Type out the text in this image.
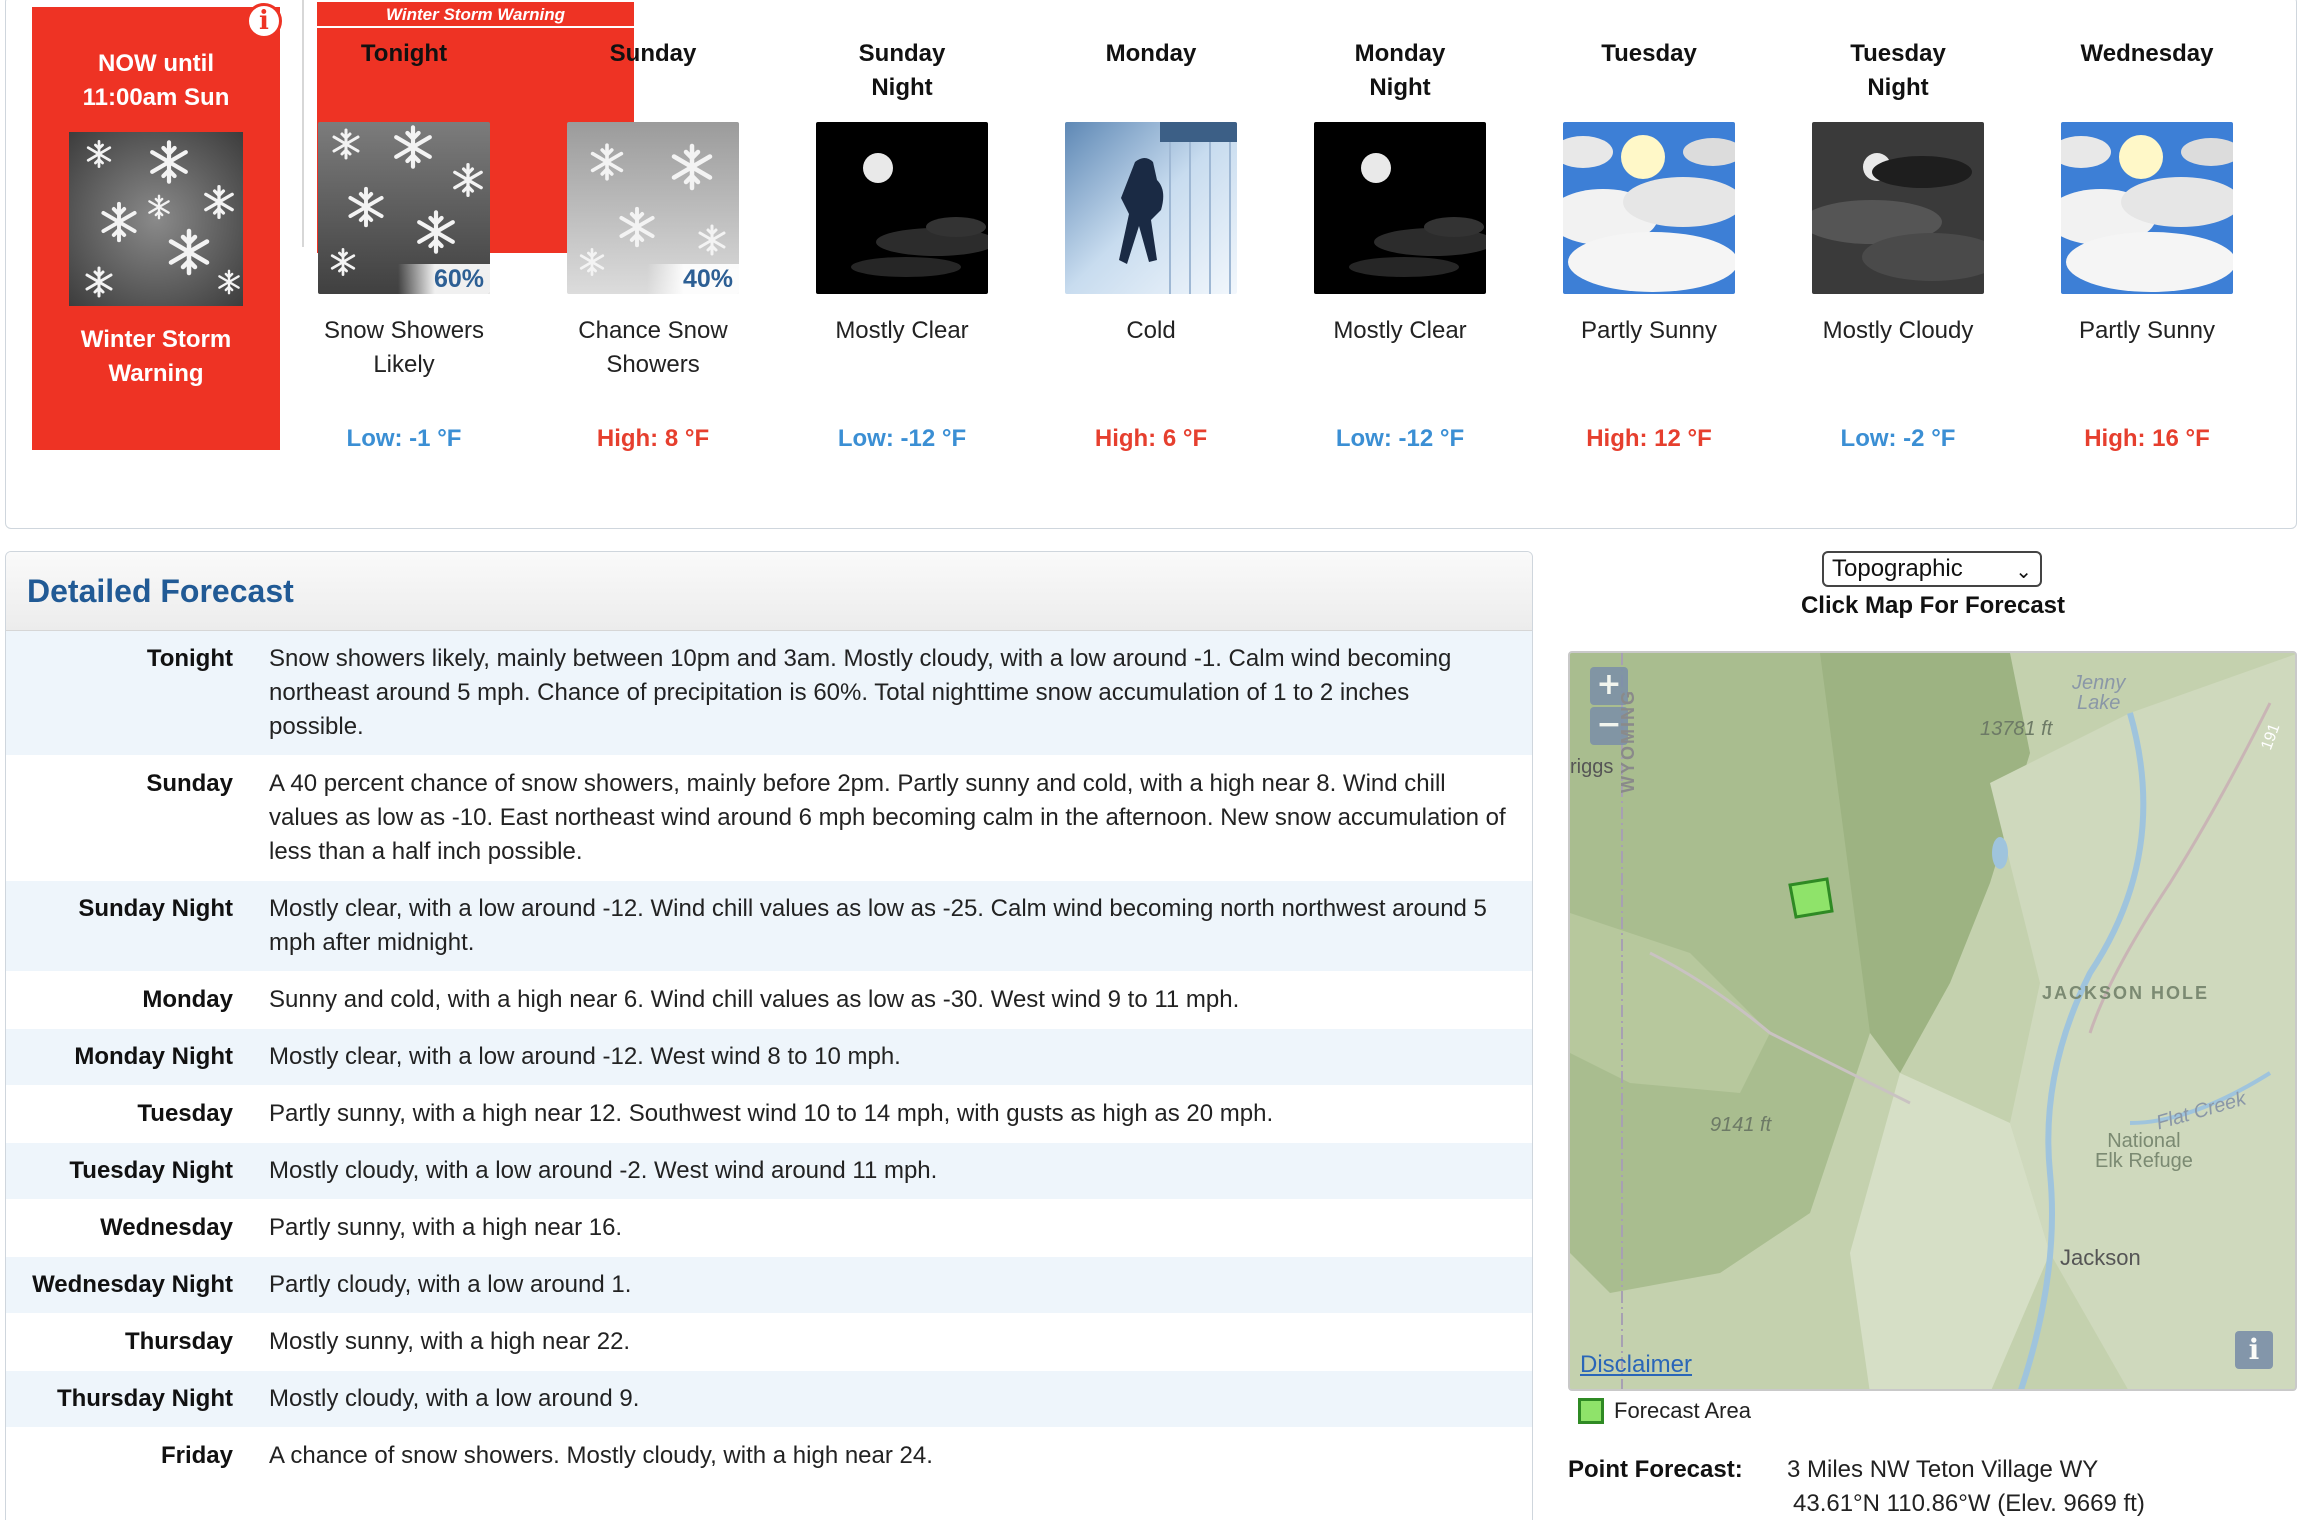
i
NOW until
11:00am Sun
Winter Storm
Warning
Winter Storm Warning
Tonight
60%
Snow Showers
Likely
Low: -1 °F
Sunday
40%
Chance Snow
Showers
High: 8 °F
Sunday
Night
Mostly Clear
Low: -12 °F
Monday
Cold
High: 6 °F
Monday
Night
Mostly Clear
Low: -12 °F
Tuesday
Partly Sunny
High: 12 °F
Tuesday
Night
Mostly Cloudy
Low: -2 °F
Wednesday
Partly Sunny
High: 16 °F
Detailed Forecast
Tonight Snow showers likely, mainly between 10pm and 3am. Mostly cloudy, with a low around -1. Calm wind becoming northeast around 5 mph. Chance of precipitation is 60%. Total nighttime snow accumulation of 1 to 2 inches possible.
Sunday A 40 percent chance of snow showers, mainly before 2pm. Partly sunny and cold, with a high near 8. Wind chill values as low as -10. East northeast wind around 6 mph becoming calm in the afternoon. New snow accumulation of less than a half inch possible.
Sunday Night Mostly clear, with a low around -12. Wind chill values as low as -25. Calm wind becoming north northwest around 5 mph after midnight.
Monday Sunny and cold, with a high near 6. Wind chill values as low as -30. West wind 9 to 11 mph.
Monday Night Mostly clear, with a low around -12. West wind 8 to 10 mph.
Tuesday Partly sunny, with a high near 12. Southwest wind 10 to 14 mph, with gusts as high as 20 mph.
Tuesday Night Mostly cloudy, with a low around -2. West wind around 11 mph.
Wednesday Partly sunny, with a high near 16.
Wednesday Night Partly cloudy, with a low around 1.
Thursday Mostly sunny, with a high near 22.
Thursday Night Mostly cloudy, with a low around 9.
Friday A chance of snow showers. Mostly cloudy, with a high near 24.
Topographic	⌄
Click Map For Forecast
+
−
Jenny
Lake
13781 ft
WYOMING
riggs
JACKSON HOLE
Flat Creek
National
Elk Refuge
9141 ft
Jackson
191
Disclaimer	i
Forecast Area
Point Forecast: 3 Miles NW Teton Village WY
43.61°N 110.86°W (Elev. 9669 ft)
